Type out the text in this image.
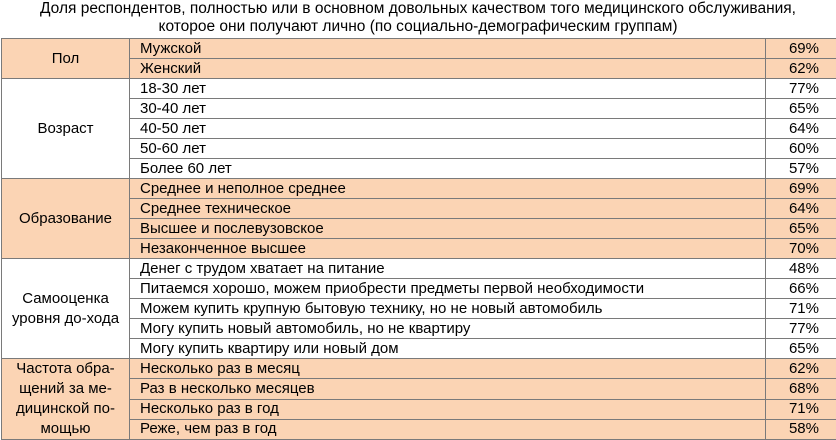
Доля респондентов, полностью или в основном довольных качеством того медицинского обслуживания,
которое они получают лично (по социально-демографическим группам)
Пол	Мужской	69%
	Женский	62%
Возраст	18-30 лет	77%
	30-40 лет	65%
	40-50 лет	64%
	50-60 лет	60%
	Более 60 лет	57%
Образование	Среднее и неполное среднее	69%
	Среднее техническое	64%
	Высшее и послевузовское	65%
	Незаконченное высшее	70%
Самооценка уровня до-хода	Денег с трудом хватает на питание	48%
	Питаемся хорошо, можем приобрести предметы первой необходимости	66%
	Можем купить крупную бытовую технику, но не новый автомобиль	71%
	Могу купить новый автомобиль, но не квартиру	77%
	Могу купить квартиру или новый дом	65%
Частота обра-щений за ме-дицинской по-мощью	Несколько раз в месяц	62%
	Раз в несколько месяцев	68%
	Несколько раз в год	71%
	Реже, чем раз в год	58%
